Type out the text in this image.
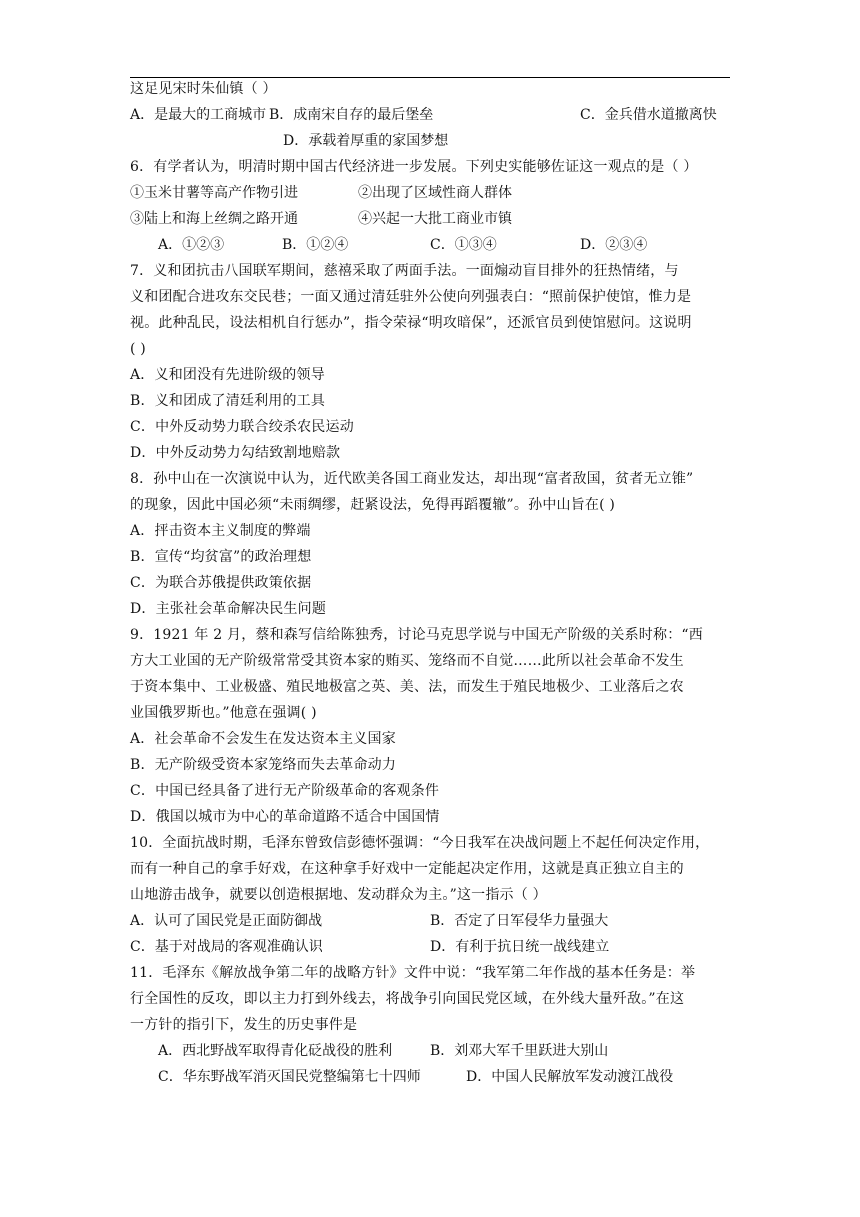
这足见宋时朱仙镇（ ）
A．是最大的工商城市 B．成南宋自存的最后堡垒	C．金兵借水道撤离快
D．承载着厚重的家国梦想
6．有学者认为，明清时期中国古代经济进一步发展。下列史实能够佐证这一观点的是（ ）
①玉米甘薯等高产作物引进	②出现了区域性商人群体
③陆上和海上丝绸之路开通	④兴起一大批工商业市镇
A．①②③	B．①②④	C．①③④	D．②③④
7．义和团抗击八国联军期间，慈禧采取了两面手法。一面煽动盲目排外的狂热情绪，与
义和团配合进攻东交民巷；一面又通过清廷驻外公使向列强表白：“照前保护使馆，惟力是
视。此种乱民，设法相机自行惩办”，指令荣禄“明攻暗保”，还派官员到使馆慰问。这说明
( )
A．义和团没有先进阶级的领导
B．义和团成了清廷利用的工具
C．中外反动势力联合绞杀农民运动
D．中外反动势力勾结致割地赔款
8．孙中山在一次演说中认为，近代欧美各国工商业发达，却出现“富者敌国，贫者无立锥”
的现象，因此中国必须“未雨绸缪，赶紧设法，免得再蹈覆辙”。孙中山旨在( )
A．抨击资本主义制度的弊端
B．宣传“均贫富”的政治理想
C．为联合苏俄提供政策依据
D．主张社会革命解决民生问题
9．1921 年 2 月，蔡和森写信给陈独秀，讨论马克思学说与中国无产阶级的关系时称：“西
方大工业国的无产阶级常常受其资本家的贿买、笼络而不自觉……此所以社会革命不发生
于资本集中、工业极盛、殖民地极富之英、美、法，而发生于殖民地极少、工业落后之农
业国俄罗斯也。”他意在强调( )
A．社会革命不会发生在发达资本主义国家
B．无产阶级受资本家笼络而失去革命动力
C．中国已经具备了进行无产阶级革命的客观条件
D．俄国以城市为中心的革命道路不适合中国国情
10．全面抗战时期，毛泽东曾致信彭德怀强调：“今日我军在决战问题上不起任何决定作用，
而有一种自己的拿手好戏，在这种拿手好戏中一定能起决定作用，这就是真正独立自主的
山地游击战争，就要以创造根据地、发动群众为主。”这一指示（ ）
A．认可了国民党是正面防御战	B．否定了日军侵华力量强大
C．基于对战局的客观准确认识	D．有利于抗日统一战线建立
11．毛泽东《解放战争第二年的战略方针》文件中说：“我军第二年作战的基本任务是：举
行全国性的反攻，即以主力打到外线去，将战争引向国民党区域，在外线大量歼敌。”在这
一方针的指引下，发生的历史事件是
A．西北野战军取得青化砭战役的胜利	B．刘邓大军千里跃进大别山
C．华东野战军消灭国民党整编第七十四师	D．中国人民解放军发动渡江战役
